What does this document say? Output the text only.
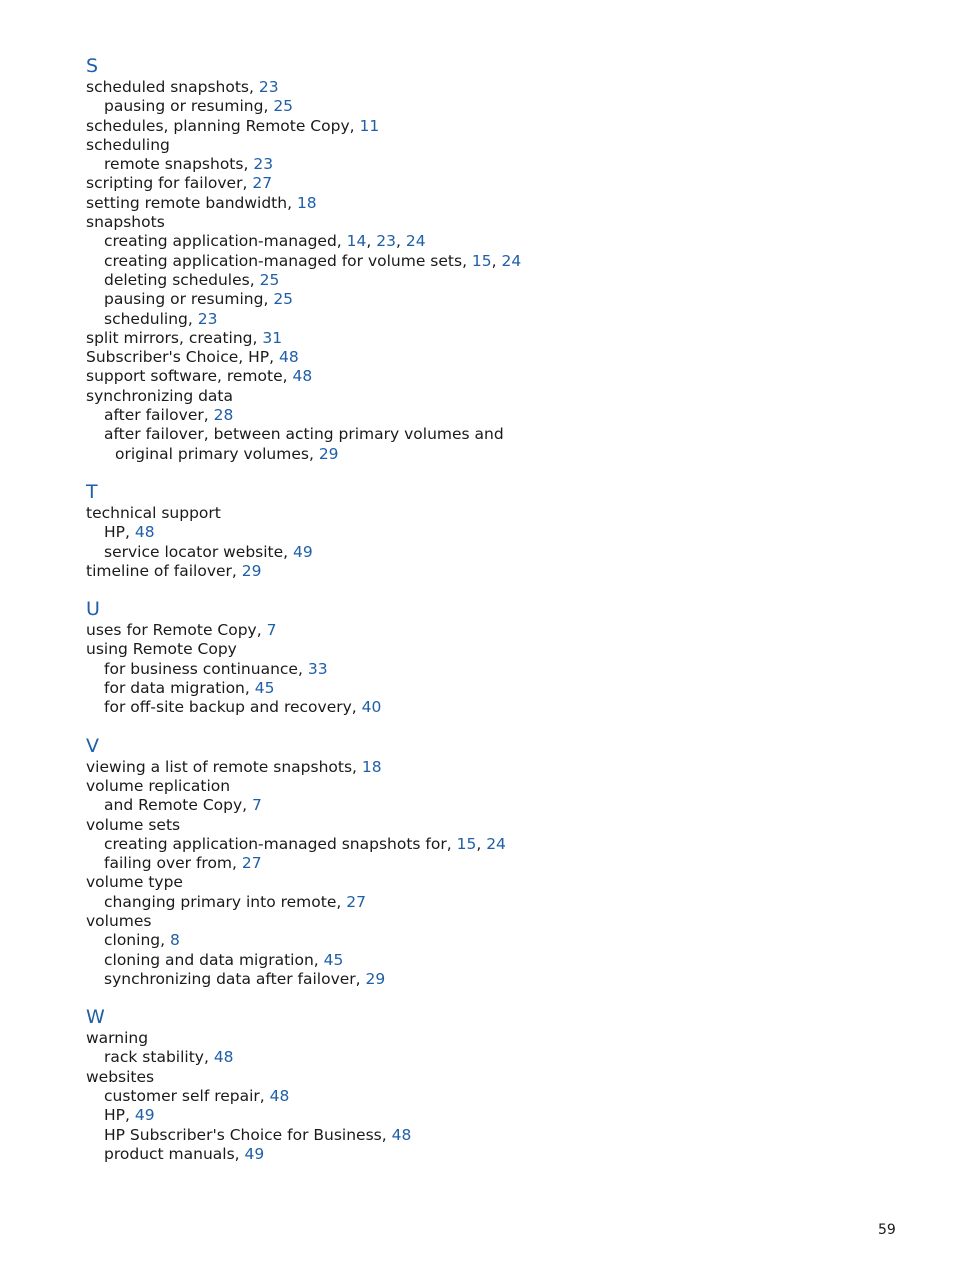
S
scheduled snapshots, 23
pausing or resuming, 25
schedules, planning Remote Copy, 11
scheduling
remote snapshots, 23
scripting for failover, 27
setting remote bandwidth, 18
snapshots
creating application-managed, 14, 23, 24
creating application-managed for volume sets, 15, 24
deleting schedules, 25
pausing or resuming, 25
scheduling, 23
split mirrors, creating, 31
Subscriber's Choice, HP, 48
support software, remote, 48
synchronizing data
after failover, 28
after failover, between acting primary volumes and
original primary volumes, 29
T
technical support
HP, 48
service locator website, 49
timeline of failover, 29
U
uses for Remote Copy, 7
using Remote Copy
for business continuance, 33
for data migration, 45
for off-site backup and recovery, 40
V
viewing a list of remote snapshots, 18
volume replication
and Remote Copy, 7
volume sets
creating application-managed snapshots for, 15, 24
failing over from, 27
volume type
changing primary into remote, 27
volumes
cloning, 8
cloning and data migration, 45
synchronizing data after failover, 29
W
warning
rack stability, 48
websites
customer self repair, 48
HP, 49
HP Subscriber's Choice for Business, 48
product manuals, 49
59
